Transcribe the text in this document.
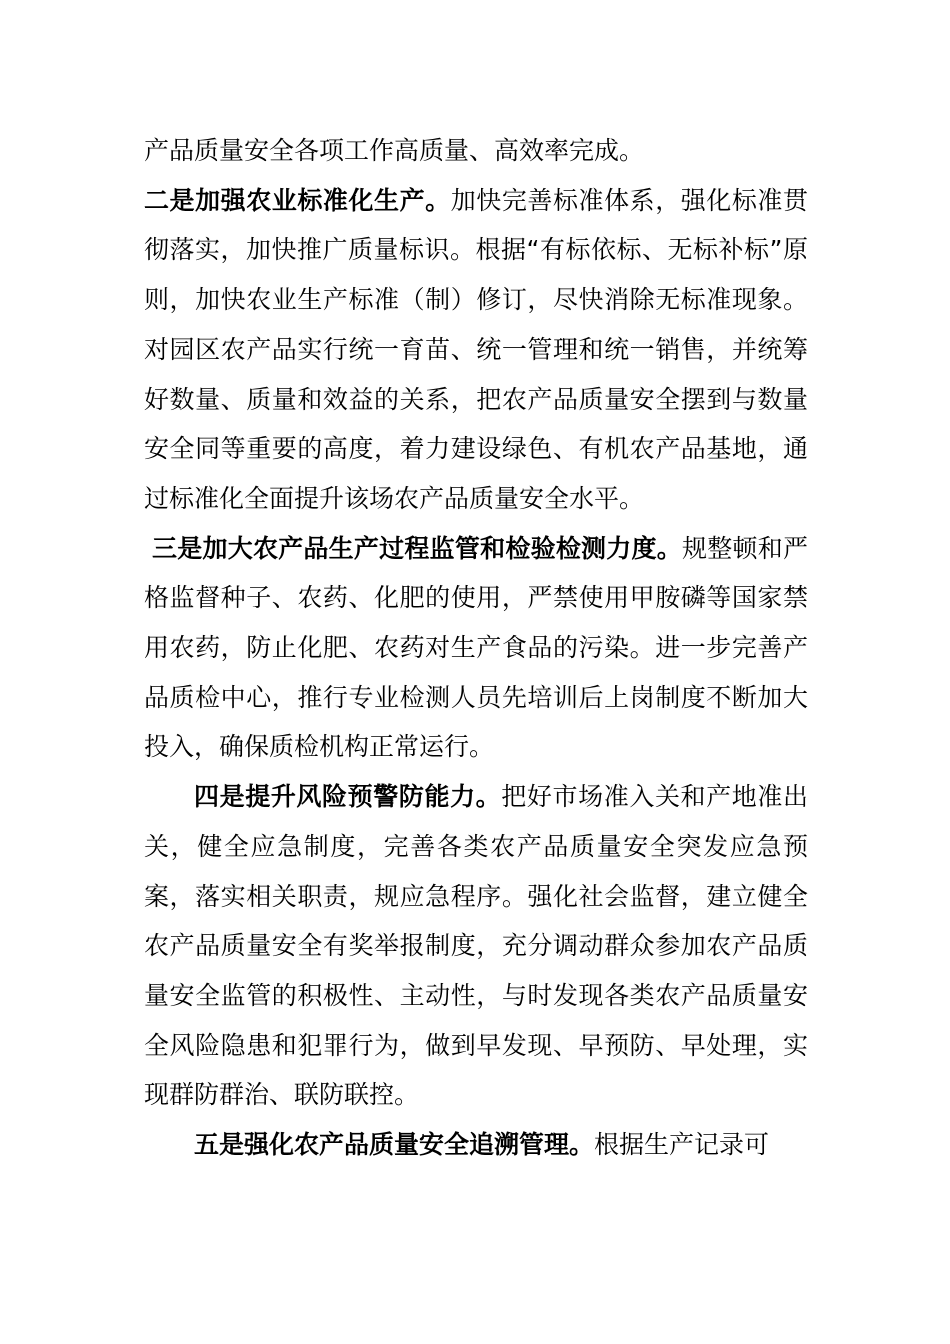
产品质量安全各项工作高质量、高效率完成。

二是加强农业标准化生产。加快完善标准体系，强化标准贯彻落实，加快推广质量标识。根据“有标依标、无标补标”原则，加快农业生产标准（制）修订，尽快消除无标准现象。对园区农产品实行统一育苗、统一管理和统一销售，并统筹好数量、质量和效益的关系，把农产品质量安全摆到与数量安全同等重要的高度，着力建设绿色、有机农产品基地，通过标准化全面提升该场农产品质量安全水平。

三是加大农产品生产过程监管和检验检测力度。规整顿和严格监督种子、农药、化肥的使用，严禁使用甲胺磷等国家禁用农药，防止化肥、农药对生产食品的污染。进一步完善产品质检中心，推行专业检测人员先培训后上岗制度不断加大投入，确保质检机构正常运行。

四是提升风险预警防能力。把好市场准入关和产地准出关，健全应急制度，完善各类农产品质量安全突发应急预案，落实相关职责，规应急程序。强化社会监督，建立健全农产品质量安全有奖举报制度，充分调动群众参加农产品质量安全监管的积极性、主动性，与时发现各类农产品质量安全风险隐患和犯罪行为，做到早发现、早预防、早处理，实现群防群治、联防联控。

五是强化农产品质量安全追溯管理。根据生产记录可
